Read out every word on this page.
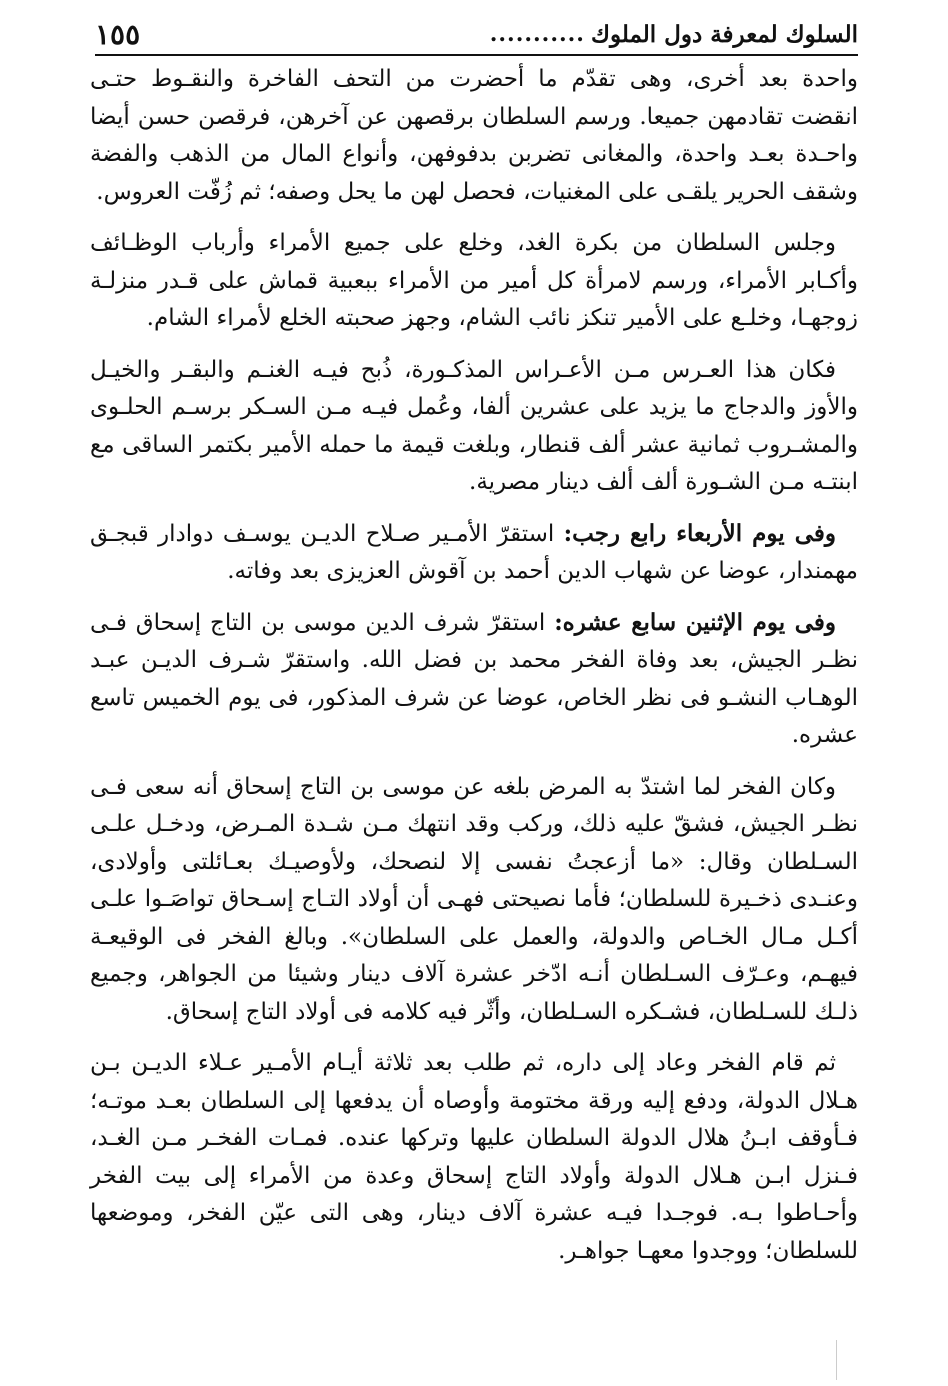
السلوك لمعرفة دول الملوك
...........
١٥٥

واحدة بعد أخرى، وهى تقدّم ما أحضرت من التحف الفاخرة والنقـوط حتـى انقضت تقادمهن جميعا. ورسم السلطان برقصهن عن آخرهن، فرقصن حسن أيضا واحـدة بعـد واحدة، والمغانى تضربن بدفوفهن، وأنواع المال من الذهب والفضة وشقف الحرير يلقـى على المغنيات، فحصل لهن ما يحل وصفه؛ ثم زُفّت العروس.

وجلس السلطان من بكرة الغد، وخلع على جميع الأمراء وأرباب الوظـائف وأكـابر الأمراء، ورسم لامرأة كل أمير من الأمراء ببعبية قماش على قـدر منزلـة زوجهـا، وخلـع على الأمير تنكز نائب الشام، وجهز صحبته الخلع لأمراء الشام.

فكان هذا العـرس مـن الأعـراس المذكـورة، ذُبح فيـه الغنـم والبقـر والخيـل والأوز والدجاج ما يزيد على عشرين ألفا، وعُمل فيـه مـن السـكر برسـم الحلـوى والمشـروب ثمانية عشر ألف قنطار، وبلغت قيمة ما حمله الأمير بكتمر الساقى مع ابنتـه مـن الشـورة ألف ألف دينار مصرية.

وفى يوم الأربعاء رابع رجب: استقرّ الأمـير صـلاح الديـن يوسـف دوادار قبجـق مهمندار، عوضا عن شهاب الدين أحمد بن آقوش العزيزى بعد وفاته.

وفى يوم الإثنين سابع عشره: استقرّ شرف الدين موسى بن التاج إسحاق فـى نظـر الجيش، بعد وفاة الفخر محمد بن فضل الله. واستقرّ شـرف الديـن عبـد الوهـاب النشـو فى نظر الخاص، عوضا عن شرف المذكور، فى يوم الخميس تاسع عشره.

وكان الفخر لما اشتدّ به المرض بلغه عن موسى بن التاج إسحاق أنه سعى فـى نظـر الجيش، فشقّ عليه ذلك، وركب وقد انتهك مـن شـدة المـرض، ودخـل علـى السـلطان وقال: «ما أزعجتُ نفسى إلا لنصحك، ولأوصيـك بعـائلتى وأولادى، وعنـدى ذخـيرة للسلطان؛ فأما نصيحتى فهـى أن أولاد التـاج إسـحاق تواصَـوا علـى أكـل مـال الخـاص والدولة، والعمل على السلطان». وبالغ الفخر فى الوقيعـة فيهـم، وعـرّف السـلطان أنـه ادّخر عشرة آلاف دينار وشيئا من الجواهر، وجميع ذلـك للسـلطان، فشـكره السـلطان، وأثّر فيه كلامه فى أولاد التاج إسحاق.

ثم قام الفخر وعاد إلى داره، ثم طلب بعد ثلاثة أيـام الأمـير عـلاء الديـن بـن هـلال الدولة، ودفع إليه ورقة مختومة وأوصاه أن يدفعها إلى السلطان بعـد موتـه؛ فـأوقف ابـنُ هلال الدولة السلطان عليها وتركها عنده. فمـات الفخـر مـن الغـد، فـنزل ابـن هـلال الدولة وأولاد التاج إسحاق وعدة من الأمراء إلى بيت الفخر وأحـاطوا بـه. فوجـدا فيـه عشرة آلاف دينار، وهى التى عيّن الفخر، وموضعها للسلطان؛ ووجدوا معهـا جواهـر.
